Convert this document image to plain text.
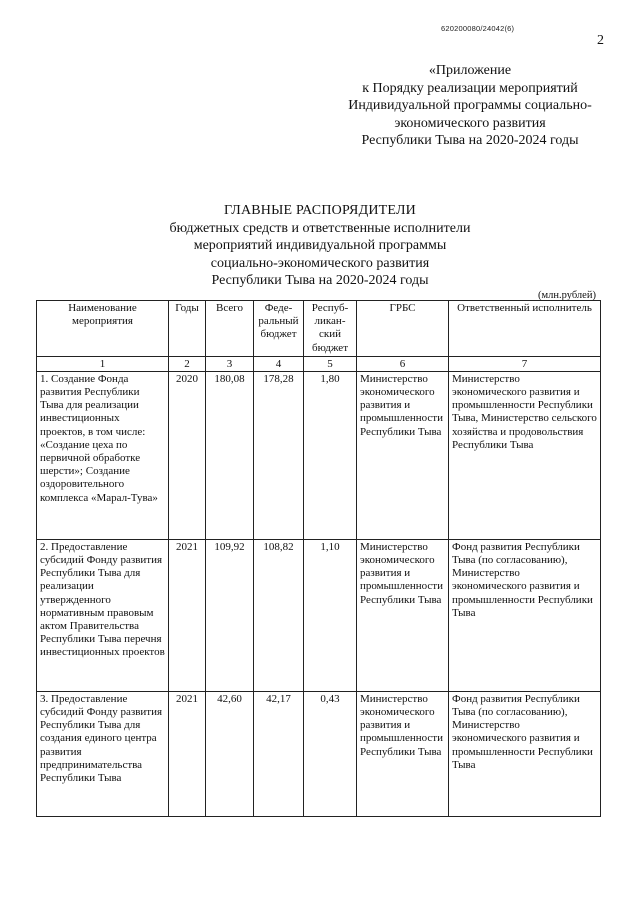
620200080/24042(6)
2
«Приложение
к Порядку реализации мероприятий
Индивидуальной программы социально-
экономического развития
Республики Тыва на 2020-2024 годы
ГЛАВНЫЕ РАСПОРЯДИТЕЛИ
бюджетных средств и ответственные исполнители
мероприятий индивидуальной программы
социально-экономического развития
Республики Тыва на 2020-2024 годы
(млн.рублей)
Наименование мероприятия	Годы	Всего	Феде-ральный бюджет	Респуб-ликан-ский бюджет	ГРБС	Ответственный исполнитель
1	2	3	4	5	6	7
1. Создание Фонда развития Республики Тыва для реализации инвестиционных проектов, в том числе: «Создание цеха по первичной обработке шерсти»; Создание оздоровительного комплекса «Марал-Тува»	2020	180,08	178,28	1,80	Министерство экономического развития и промышленности Республики Тыва	Министерство экономического развития и промышленности Республики Тыва, Министерство сельского хозяйства и продовольствия Республики Тыва
2. Предоставление субсидий Фонду развития Республики Тыва для реализации утвержденного нормативным правовым актом Правительства Республики Тыва перечня инвестиционных проектов	2021	109,92	108,82	1,10	Министерство экономического развития и промышленности Республики Тыва	Фонд развития Республики Тыва (по согласованию), Министерство экономического развития и промышленности Республики Тыва
3. Предоставление субсидий Фонду развития Республики Тыва для создания единого центра развития предпринимательства Республики Тыва	2021	42,60	42,17	0,43	Министерство экономического развития и промышленности Республики Тыва	Фонд развития Республики Тыва (по согласованию), Министерство экономического развития и промышленности Республики Тыва
